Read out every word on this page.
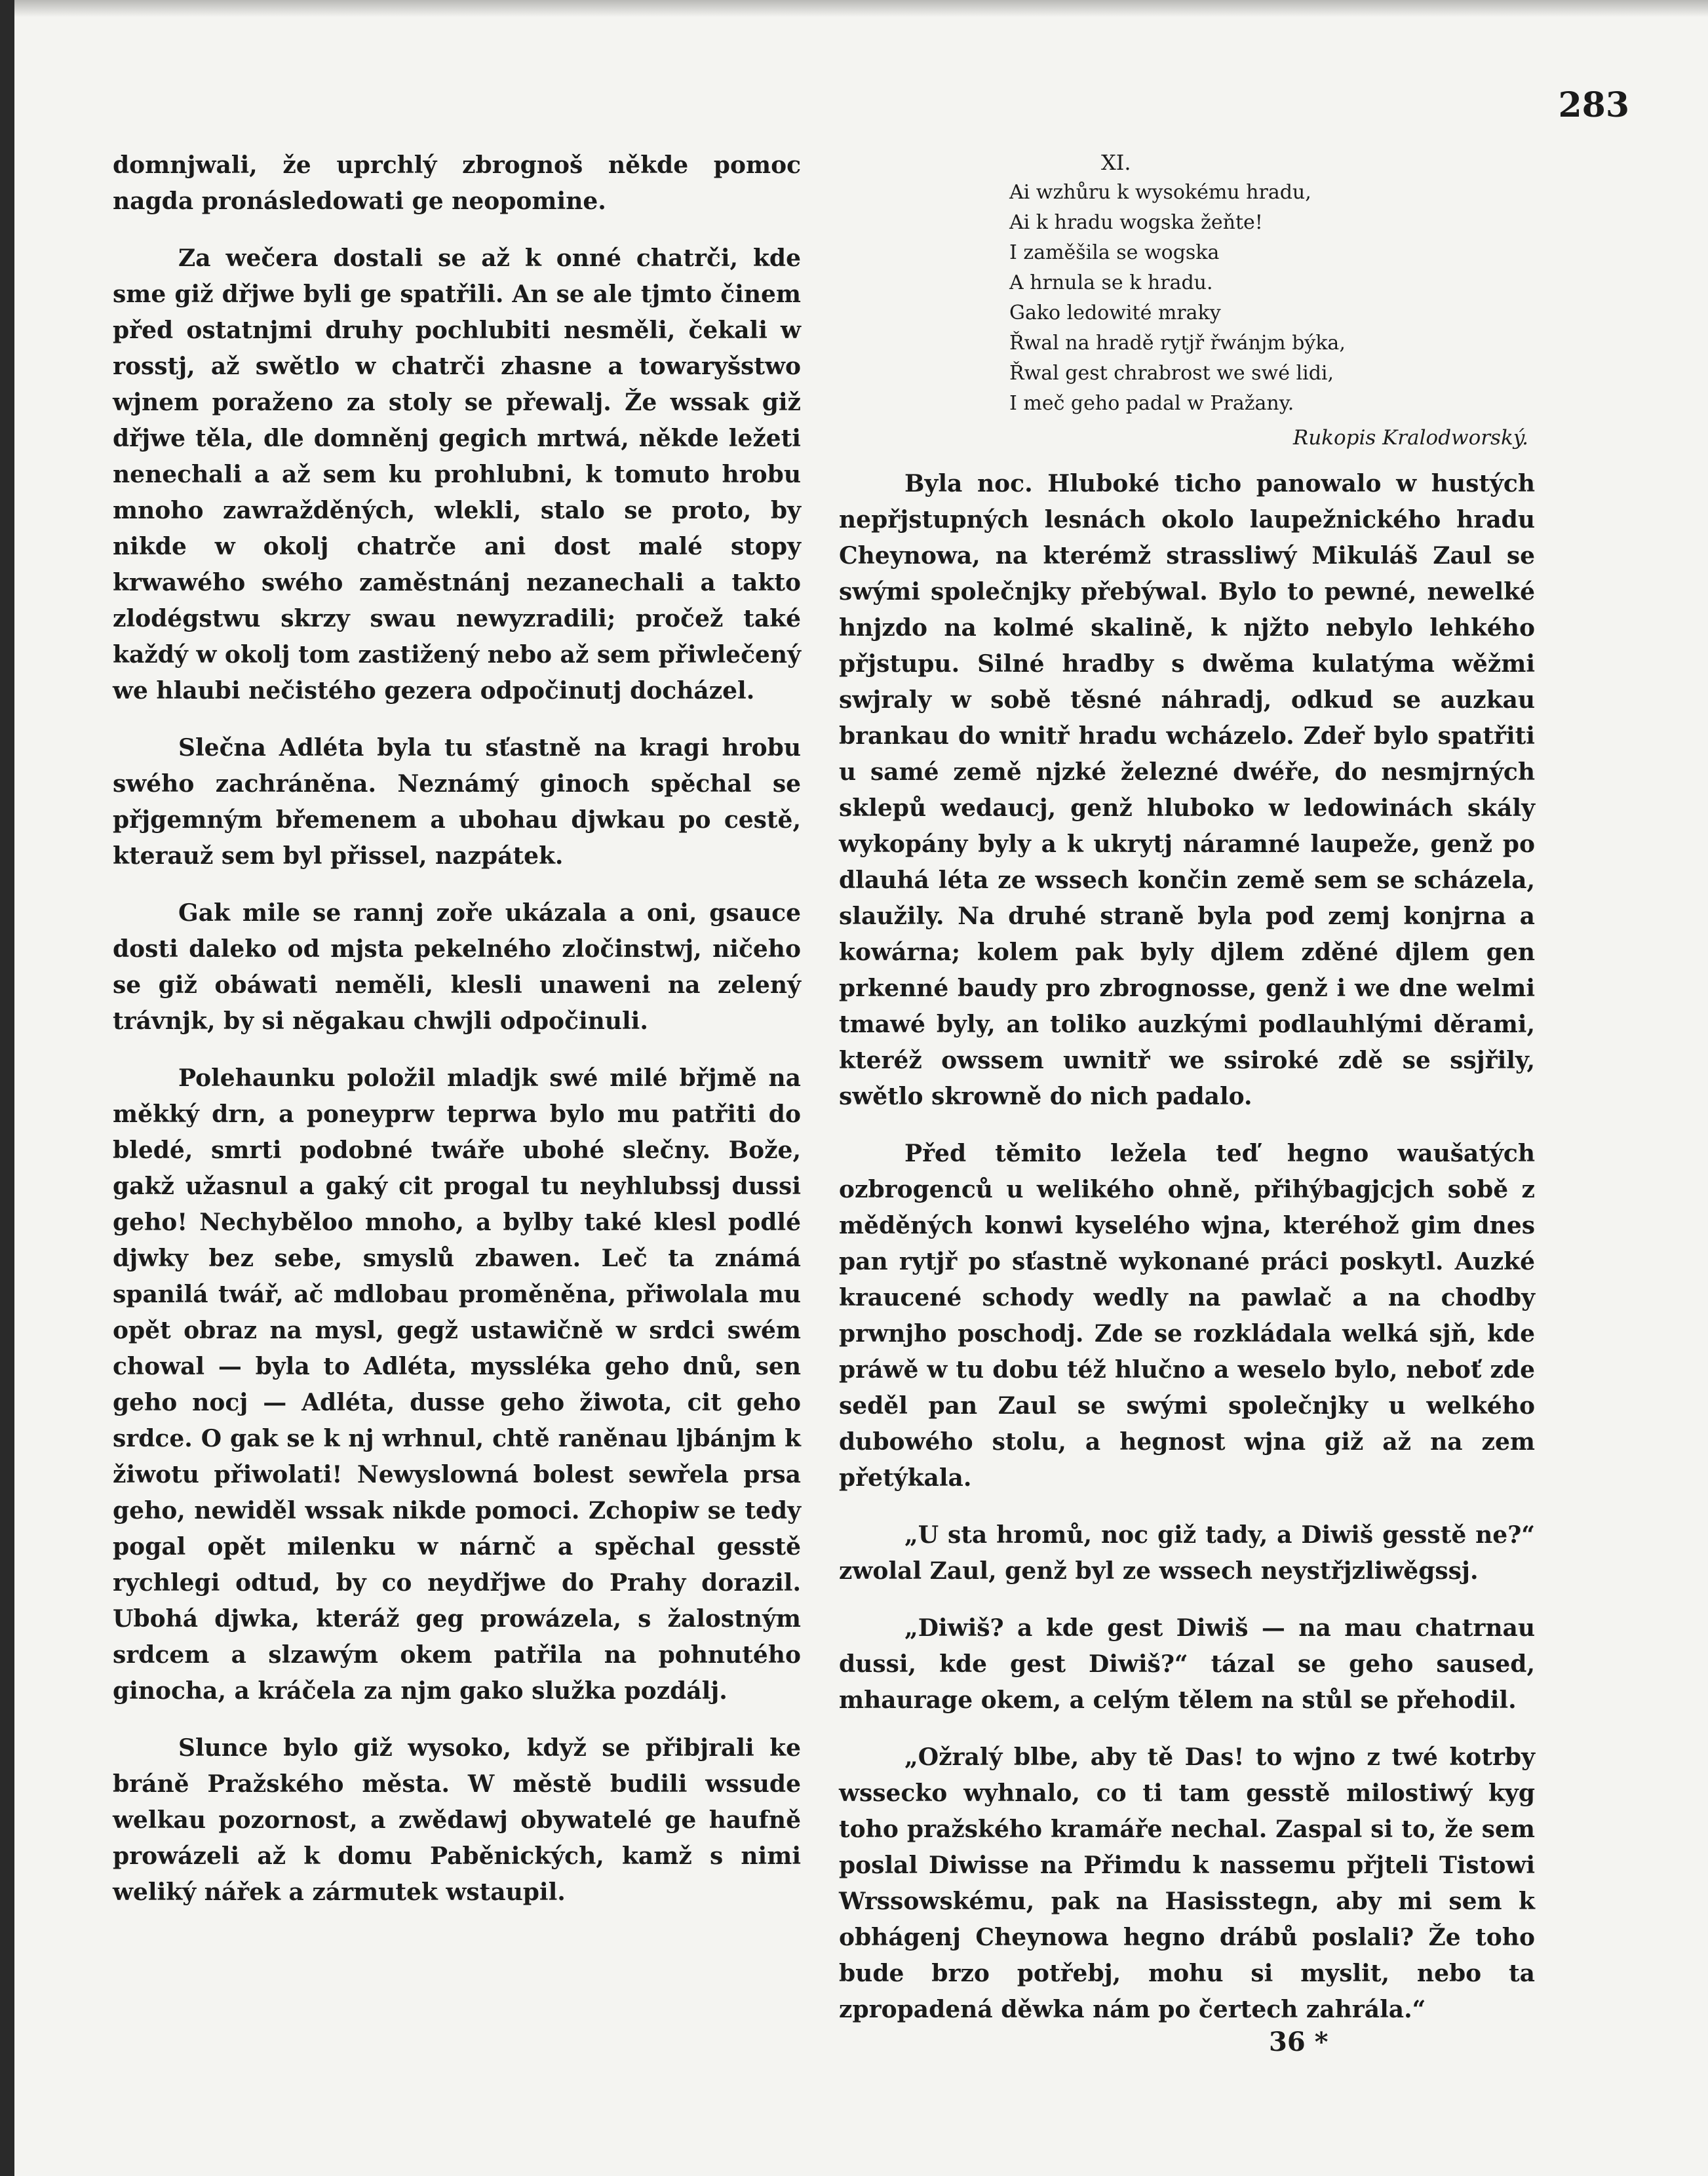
283

domnjwali, že uprchlý zbrognoš někde pomoc nagda pronásledowati ge neopomine.

Za wečera dostali se až k onné chatrči, kde sme giž dřjwe byli ge spatřili. An se ale tjmto činem před ostatnjmi druhy pochlubiti nesměli, čekali w rosstj, až swětlo w chatrči zhasne a towaryšstwo wjnem poraženo za stoly se přewalj. Že wssak giž dřjwe těla, dle domněnj gegich mrtwá, někde ležeti nenechali a až sem ku prohlubni, k tomuto hrobu mnoho zawražděných, wlekli, stalo se proto, by nikde w okolj chatrče ani dost malé stopy krwawého swého zaměstnánj nezanechali a takto zlodégstwu skrzy swau newyzradili; pročež také každý w okolj tom zastižený nebo až sem přiwlečený we hlaubi nečistého gezera odpočinutj docházel.

Slečna Adléta byla tu sťastně na kragi hrobu swého zachráněna. Neznámý ginoch spěchal se přjgemným břemenem a ubohau djwkau po cestě, kterauž sem byl přissel, nazpátek.

Gak mile se rannj zoře ukázala a oni, gsauce dosti daleko od mjsta pekelného zločinstwj, ničeho se giž obáwati neměli, klesli unaweni na zelený trávnjk, by si nĕgakau chwjli odpočinuli.

Polehaunku položil mladjk swé milé břjmě na měkký drn, a poneyprw teprwa bylo mu patřiti do bledé, smrti podobné twáře ubohé slečny. Bože, gakž užasnul a gaký cit progal tu neyhlubssj dussi geho! Nechyběloo mnoho, a bylby také klesl podlé djwky bez sebe, smyslů zbawen. Leč ta známá spanilá twář, ač mdlobau proměněna, přiwolala mu opět obraz na mysl, gegž ustawičně w srdci swém chowal — byla to Adléta, myssléka geho dnů, sen geho nocj — Adléta, dusse geho žiwota, cit geho srdce. O gak se k nj wrhnul, chtě raněnau ljbánjm k žiwotu přiwolati! Newyslowná bolest sewřela prsa geho, newiděl wssak nikde pomoci. Zchopiw se tedy pogal opět milenku w nárnč a spěchal gesstě rychlegi odtud, by co neydřjwe do Prahy dorazil. Ubohá djwka, kteráž geg prowázela, s žalostným srdcem a slzawým okem patřila na pohnutého ginocha, a kráčela za njm gako služka pozdálj.

Slunce bylo giž wysoko, když se přibjrali ke bráně Pražského města. W městě budili wssude welkau pozornost, a zwědawj obywatelé ge haufně prowázeli až k domu Paběnických, kamž s nimi weliký nářek a zármutek wstaupil.

XI.
Ai wzhůru k wysokému hradu,
Ai k hradu wogska žeňte!
I zaměšila se wogska
A hrnula se k hradu.
Gako ledowité mraky
Řwal na hradě rytjř řwánjm býka,
Řwal gest chrabrost we swé lidi,
I meč geho padal w Pražany.
Rukopis Kralodworský.

Byla noc. Hluboké ticho panowalo w hustých nepřjstupných lesnách okolo laupežnického hradu Cheynowa, na kterémž strassliwý Mikuláš Zaul se swými společnjky přebýwal. Bylo to pewné, newelké hnjzdo na kolmé skalině, k njžto nebylo lehkého přjstupu. Silné hradby s dwěma kulatýma wěžmi swjraly w sobě těsné náhradj, odkud se auzkau brankau do wnitř hradu wcházelo. Zdeř bylo spatřiti u samé země njzké železné dwéře, do nesmjrných sklepů wedaucj, genž hluboko w ledowinách skály wykopány byly a k ukrytj náramné laupeže, genž po dlauhá léta ze wssech končin země sem se scházela, slaužily. Na druhé straně byla pod zemj konjrna a kowárna; kolem pak byly djlem zděné djlem gen prkenné baudy pro zbrognosse, genž i we dne welmi tmawé byly, an toliko auzkými podlauhlými děrami, kteréž owssem uwnitř we ssiroké zdě se ssjřily, swětlo skrowně do nich padalo.

Před těmito ležela teď hegno waušatých ozbrogenců u welikého ohně, přihýbagjcjch sobě z měděných konwi kyselého wjna, kteréhož gim dnes pan rytjř po sťastně wykonané práci poskytl. Auzké kraucené schody wedly na pawlač a na chodby prwnjho poschodj. Zde se rozkládala welká sjň, kde práwě w tu dobu též hlučno a weselo bylo, neboť zde seděl pan Zaul se swými společnjky u welkého dubowého stolu, a hegnost wjna giž až na zem přetýkala.

„U sta hromů, noc giž tady, a Diwiš gesstě ne?“ zwolal Zaul, genž byl ze wssech neystřjzliwěgssj.

„Diwiš? a kde gest Diwiš — na mau chatrnau dussi, kde gest Diwiš?“ tázal se geho saused, mhaurage okem, a celým tělem na stůl se přehodil.

„Ožralý blbe, aby tě Das! to wjno z twé kotrby wssecko wyhnalo, co ti tam gesstě milostiwý kyg toho pražského kramáře nechal. Zaspal si to, že sem poslal Diwisse na Přimdu k nassemu přjteli Tistowi Wrssowskému, pak na Hasisstegn, aby mi sem k obhágenj Cheynowa hegno drábů poslali? Že toho bude brzo potřebj, mohu si myslit, nebo ta zpropadená děwka nám po čertech zahrála.“

36 *
